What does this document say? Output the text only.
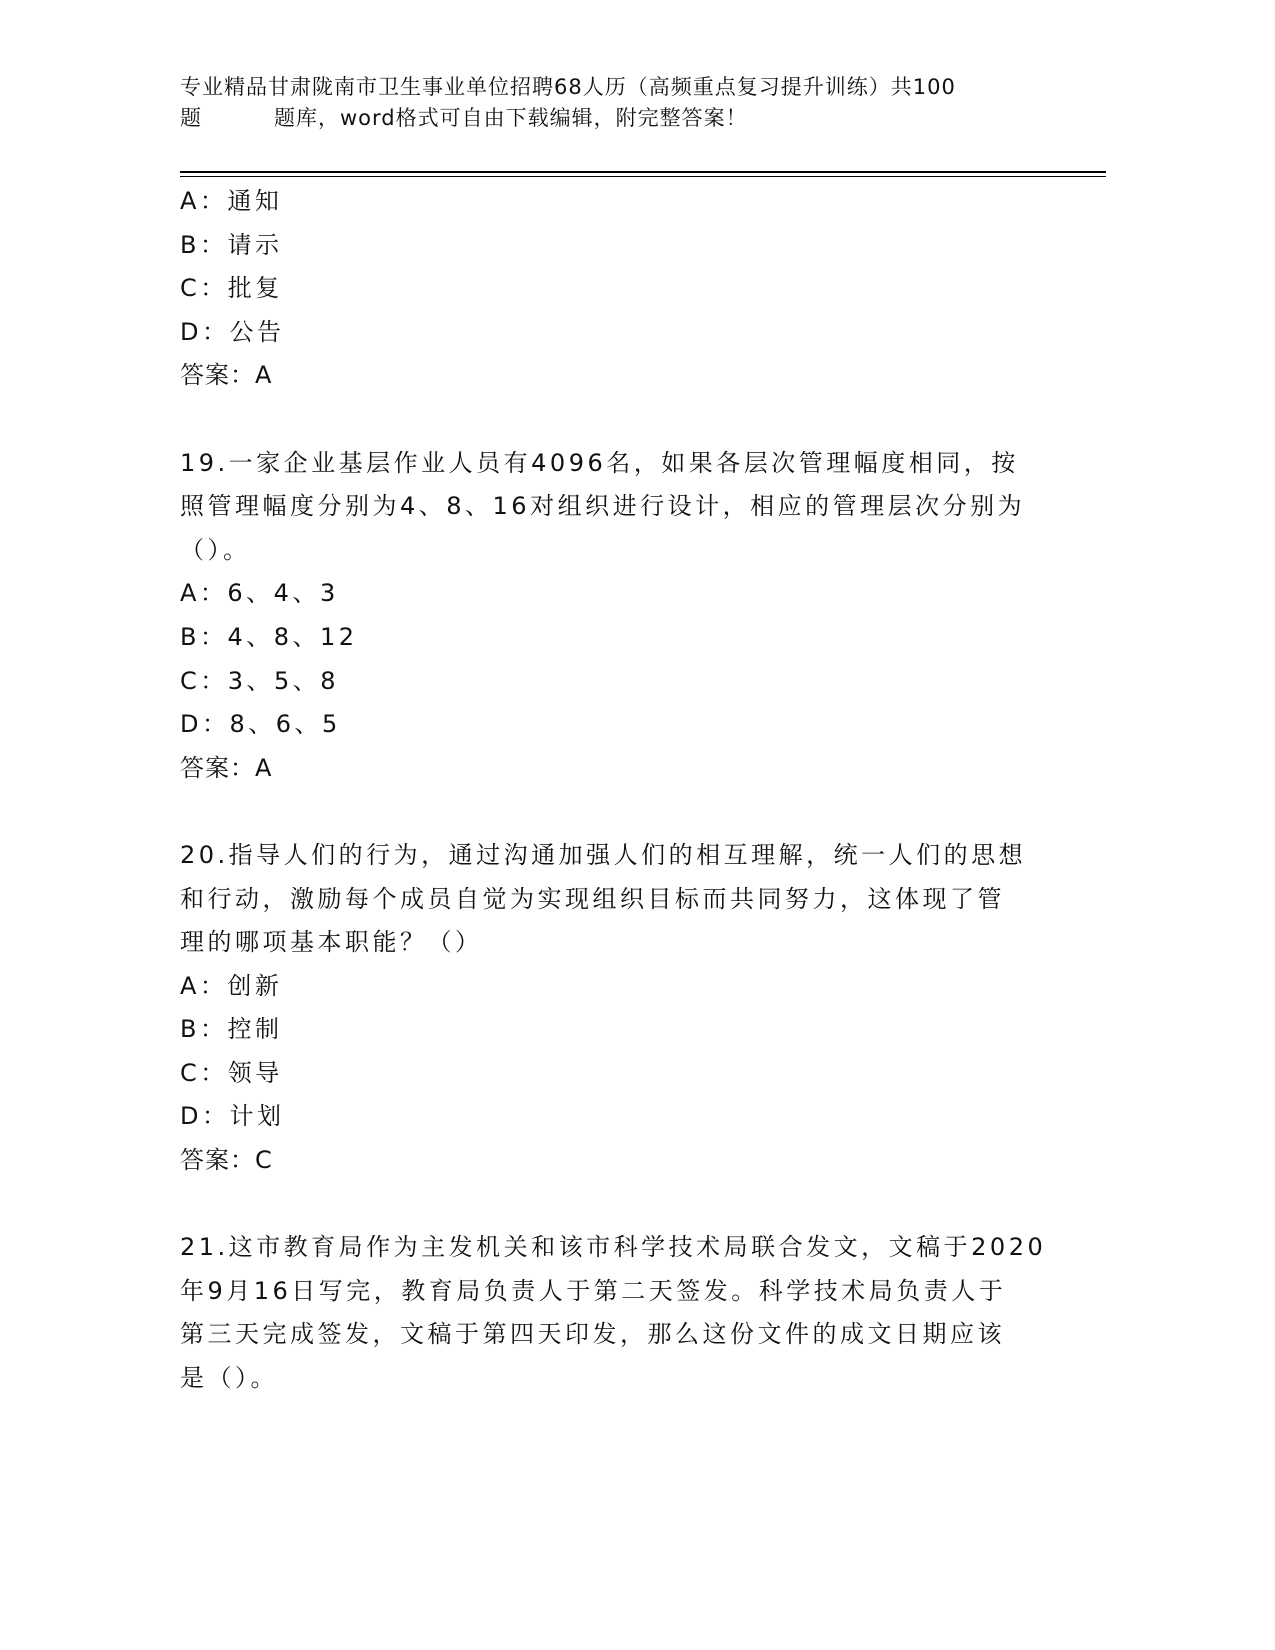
专业精品甘肃陇南市卫生事业单位招聘68人历（高频重点复习提升训练）共100
题	题库，word格式可自由下载编辑，附完整答案！
A：通知
B：请示
C：批复
D：公告
答案：A
19.一家企业基层作业人员有4096名，如果各层次管理幅度相同，按
照管理幅度分别为4、8、16对组织进行设计，相应的管理层次分别为
（）。
A：6、4、3
B：4、8、12
C：3、5、8
D：8、6、5
答案：A
20.指导人们的行为，通过沟通加强人们的相互理解，统一人们的思想
和行动，激励每个成员自觉为实现组织目标而共同努力，这体现了管
理的哪项基本职能？（）
A：创新
B：控制
C：领导
D：计划
答案：C
21.这市教育局作为主发机关和该市科学技术局联合发文，文稿于2020
年9月16日写完，教育局负责人于第二天签发。科学技术局负责人于
第三天完成签发，文稿于第四天印发，那么这份文件的成文日期应该
是（）。
